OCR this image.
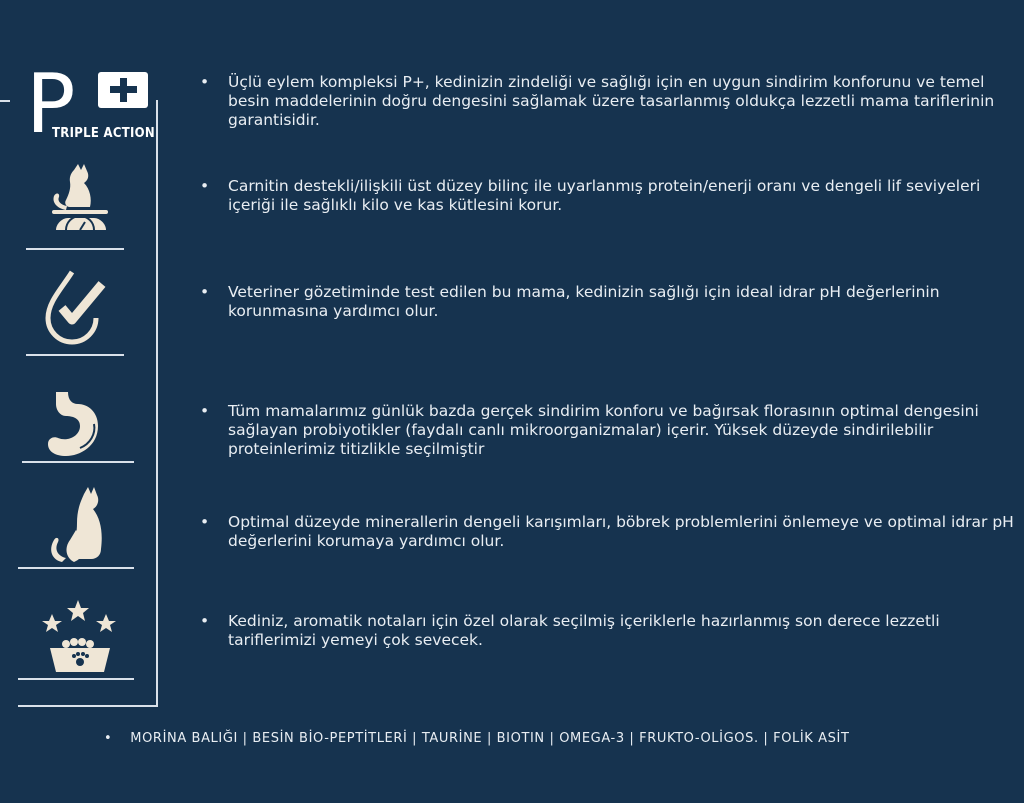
P
TRIPLE ACTION
• Üçlü eylem kompleksi P+, kedinizin zindeliği ve sağlığı için en uygun sindirim konforunu ve temel besin maddelerinin doğru dengesini sağlamak üzere tasarlanmış oldukça lezzetli mama tariflerinin garantisidir.
• Carnitin destekli/ilişkili üst düzey bilinç ile uyarlanmış protein/enerji oranı ve dengeli lif seviyeleri içeriği ile sağlıklı kilo ve kas kütlesini korur.
• Veteriner gözetiminde test edilen bu mama, kedinizin sağlığı için ideal idrar pH değerlerinin korunmasına yardımcı olur.
• Tüm mamalarımız günlük bazda gerçek sindirim konforu ve bağırsak florasının optimal dengesini sağlayan probiyotikler (faydalı canlı mikroorganizmalar) içerir. Yüksek düzeyde sindirilebilir proteinlerimiz titizlikle seçilmiştir
• Optimal düzeyde minerallerin dengeli karışımları, böbrek problemlerini önlemeye ve optimal idrar pH değerlerini korumaya yardımcı olur.
• Kediniz, aromatik notaları için özel olarak seçilmiş içeriklerle hazırlanmış son derece lezzetli tariflerimizi yemeyi çok sevecek.
• MORİNA BALIĞI | BESİN BİO-PEPTİTLERİ | TAURİNE | BIOTIN | OMEGA-3 | FRUKTO-OLİGOS. | FOLİK ASİT
